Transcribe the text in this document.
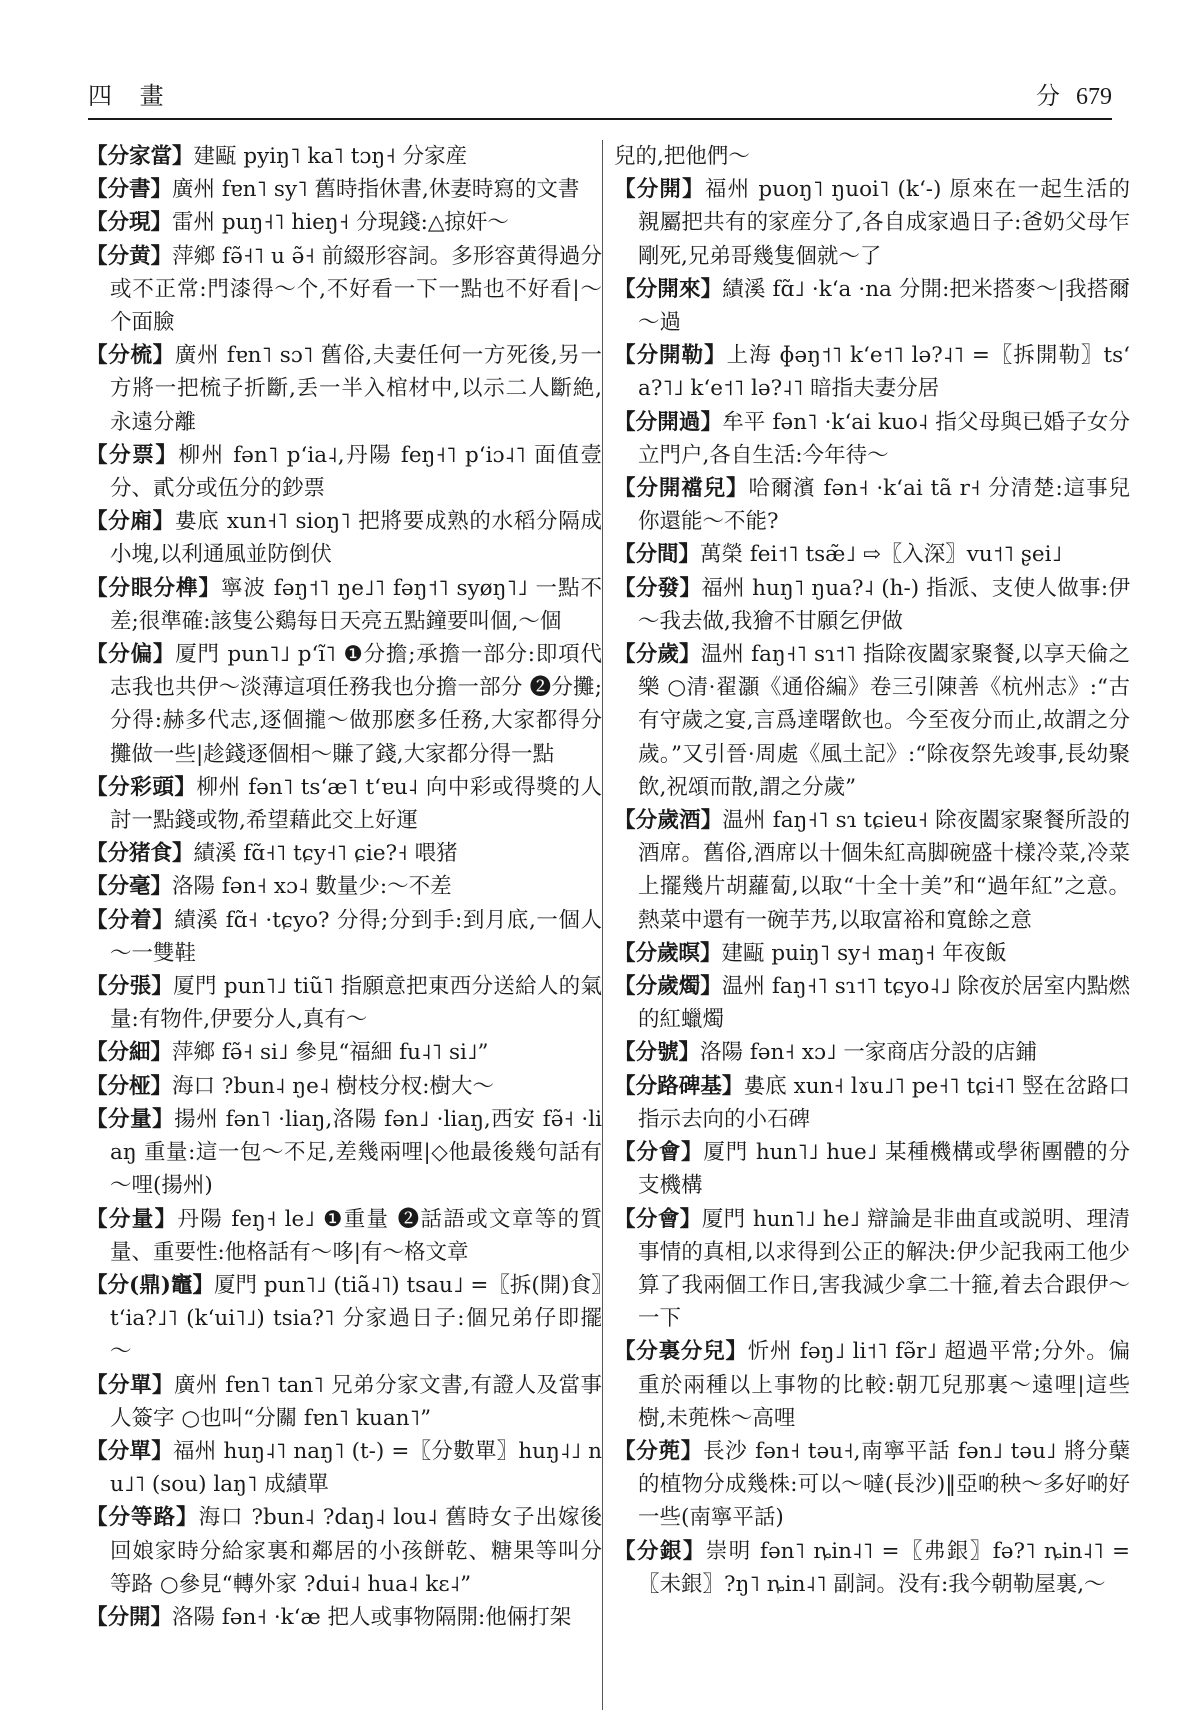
四 畫	分 679

【分家當】建甌 pyiŋ˥ ka˥ tɔŋ˧ 分家産

【分書】廣州 fɐn˥ sy˥ 舊時指休書,休妻時寫的文書

【分現】雷州 puŋ˧˥ hieŋ˧ 分現錢:△掠奸～

【分黄】萍鄉 fə̃˧˥ u ə̃˧ 前綴形容詞。多形容黄得過分或不正常:門漆得～个,不好看一下一點也不好看|～个面臉

【分梳】廣州 fɐn˥ sɔ˥ 舊俗,夫妻任何一方死後,另一方將一把梳子折斷,丢一半入棺材中,以示二人斷絶,永遠分離

【分票】柳州 fən˥ pʻia˨,丹陽 feŋ˧˥ pʻiɔ˨˥ 面值壹分、貳分或伍分的鈔票

【分廂】婁底 xun˧˥ sioŋ˥ 把將要成熟的水稻分隔成小塊,以利通風並防倒伏

【分眼分榫】寧波 fəŋ˦˥ ŋe˩˥ fəŋ˦˥ syøŋ˥˩ 一點不差;很準確:該隻公鷄每日天亮五點鐘要叫個,～個

【分偏】厦門 pun˥˩ pʻĩ˥ ❶分擔;承擔一部分:即項代志我也共伊～淡薄這項任務我也分擔一部分 ❷分攤;分得:赫多代志,逐個攏～做那麽多任務,大家都得分攤做一些|趁錢逐個相～賺了錢,大家都分得一點

【分彩頭】柳州 fən˥ tsʻæ˥ tʻɐu˨ 向中彩或得獎的人討一點錢或物,希望藉此交上好運

【分猪食】績溪 fɑ̃˧˥ tɕy˧˥ ɕie?˧ 喂猪

【分毫】洛陽 fən˧ xɔ˨ 數量少:～不差

【分着】績溪 fɑ̃˧ ·tɕyo? 分得;分到手:到月底,一個人～一雙鞋

【分張】厦門 pun˥˩ tiũ˥ 指願意把東西分送給人的氣量:有物件,伊要分人,真有～

【分細】萍鄉 fə̃˧ si˩ 參見“福細 fu˨˥ si˩”

【分桠】海口 ?bun˨ ŋe˨ 樹枝分杈:樹大～

【分量】揚州 fən˥ ·liaŋ,洛陽 fən˩ ·liaŋ,西安 fə̃˧ ·liaŋ 重量:這一包～不足,差幾兩哩|◇他最後幾句話有～哩(揚州)

【分量】丹陽 feŋ˧ le˩ ❶重量 ❷話語或文章等的質量、重要性:他格話有～哆|有～格文章

【分(鼎)竈】厦門 pun˥˩ (tiã˨˥) tsau˩ =〖拆(開)食〗tʻia?˩˥ (kʻui˥˩) tsia?˥ 分家過日子:個兄弟仔即擺～

【分單】廣州 fɐn˥ tan˥ 兄弟分家文書,有證人及當事人簽字 ○也叫“分關 fɐn˥ kuan˥”

【分單】福州 huŋ˨˥ naŋ˥ (t-) =〖分數單〗huŋ˨˩ nu˩˥ (sou) laŋ˥ 成績單

【分等路】海口 ?bun˨ ?daŋ˨ lou˨ 舊時女子出嫁後回娘家時分給家裏和鄰居的小孩餅乾、糖果等叫分等路 ○參見“轉外家 ?dui˨ hua˨ kɛ˨”

【分開】洛陽 fən˧ ·kʻæ 把人或事物隔開:他倆打架

兒的,把他們～

【分開】福州 puoŋ˥ ŋuoi˥ (kʻ-) 原來在一起生活的親屬把共有的家産分了,各自成家過日子:爸奶父母乍剛死,兄弟哥幾隻個就～了

【分開來】績溪 fɑ̃˩ ·kʻa ·na 分開:把米搭麥～|我搭爾～過

【分開勒】上海 ɸəŋ˦˥ kʻe˦˥ lə?˨˥ =〖拆開勒〗tsʻa?˥˩ kʻe˦˥ lə?˨˥ 暗指夫妻分居

【分開過】牟平 fən˥ ·kʻai kuo˨ 指父母與已婚子女分立門户,各自生活:今年待～

【分開襠兒】哈爾濱 fən˧ ·kʻai tã r˧ 分清楚:這事兒你還能～不能?

【分間】萬榮 fei˦˥ tsæ̃˩ ⇨〖入深〗vu˦˥ ʂei˩

【分發】福州 huŋ˥ ŋua?˨ (h-) 指派、支使人做事:伊～我去做,我獪不甘願乞伊做

【分歲】温州 faŋ˧˥ sɿ˦˥ 指除夜闔家聚餐,以享天倫之樂 ○清·翟灝《通俗編》卷三引陳善《杭州志》:“古有守歲之宴,言爲達曙飲也。今至夜分而止,故謂之分歲。”又引晉·周處《風土記》:“除夜祭先竣事,長幼聚飲,祝頌而散,謂之分歲”

【分歲酒】温州 faŋ˧˥ sɿ tɕieu˧ 除夜闔家聚餐所設的酒席。舊俗,酒席以十個朱紅高脚碗盛十樣冷菜,冷菜上擺幾片胡蘿蔔,以取“十全十美”和“過年紅”之意。熱菜中還有一碗芋艿,以取富裕和寬餘之意

【分歲暝】建甌 puiŋ˥ sy˧ maŋ˧ 年夜飯

【分歲燭】温州 faŋ˧˥ sɿ˦˥ tɕyo˨˩ 除夜於居室内點燃的紅蠟燭

【分號】洛陽 fən˧ xɔ˩ 一家商店分設的店鋪

【分路碑基】婁底 xun˧ lɤu˩˥ pe˧˥ tɕi˧˥ 竪在岔路口指示去向的小石碑

【分會】厦門 hun˥˩ hue˩ 某種機構或學術團體的分支機構

【分會】厦門 hun˥˩ he˩ 辯論是非曲直或説明、理清事情的真相,以求得到公正的解決:伊少記我兩工他少算了我兩個工作日,害我減少拿二十箍,着去合跟伊～一下

【分裏分兒】忻州 fəŋ˩ li˦˥ fə̃r˩ 超過平常;分外。偏重於兩種以上事物的比較:朝兀兒那裏～遠哩|這些樹,未蔸株～高哩

【分蔸】長沙 fən˧ təu˧,南寧平話 fən˩ təu˩ 將分蘖的植物分成幾株:可以～噠(長沙)‖亞啲秧～多好啲好一些(南寧平話)

【分銀】崇明 fən˥ ȵin˨˥ =〖弗銀〗fə?˥ ȵin˨˥ =〖未銀〗?ŋ˥ ȵin˨˥ 副詞。没有:我今朝勒屋裏,～
